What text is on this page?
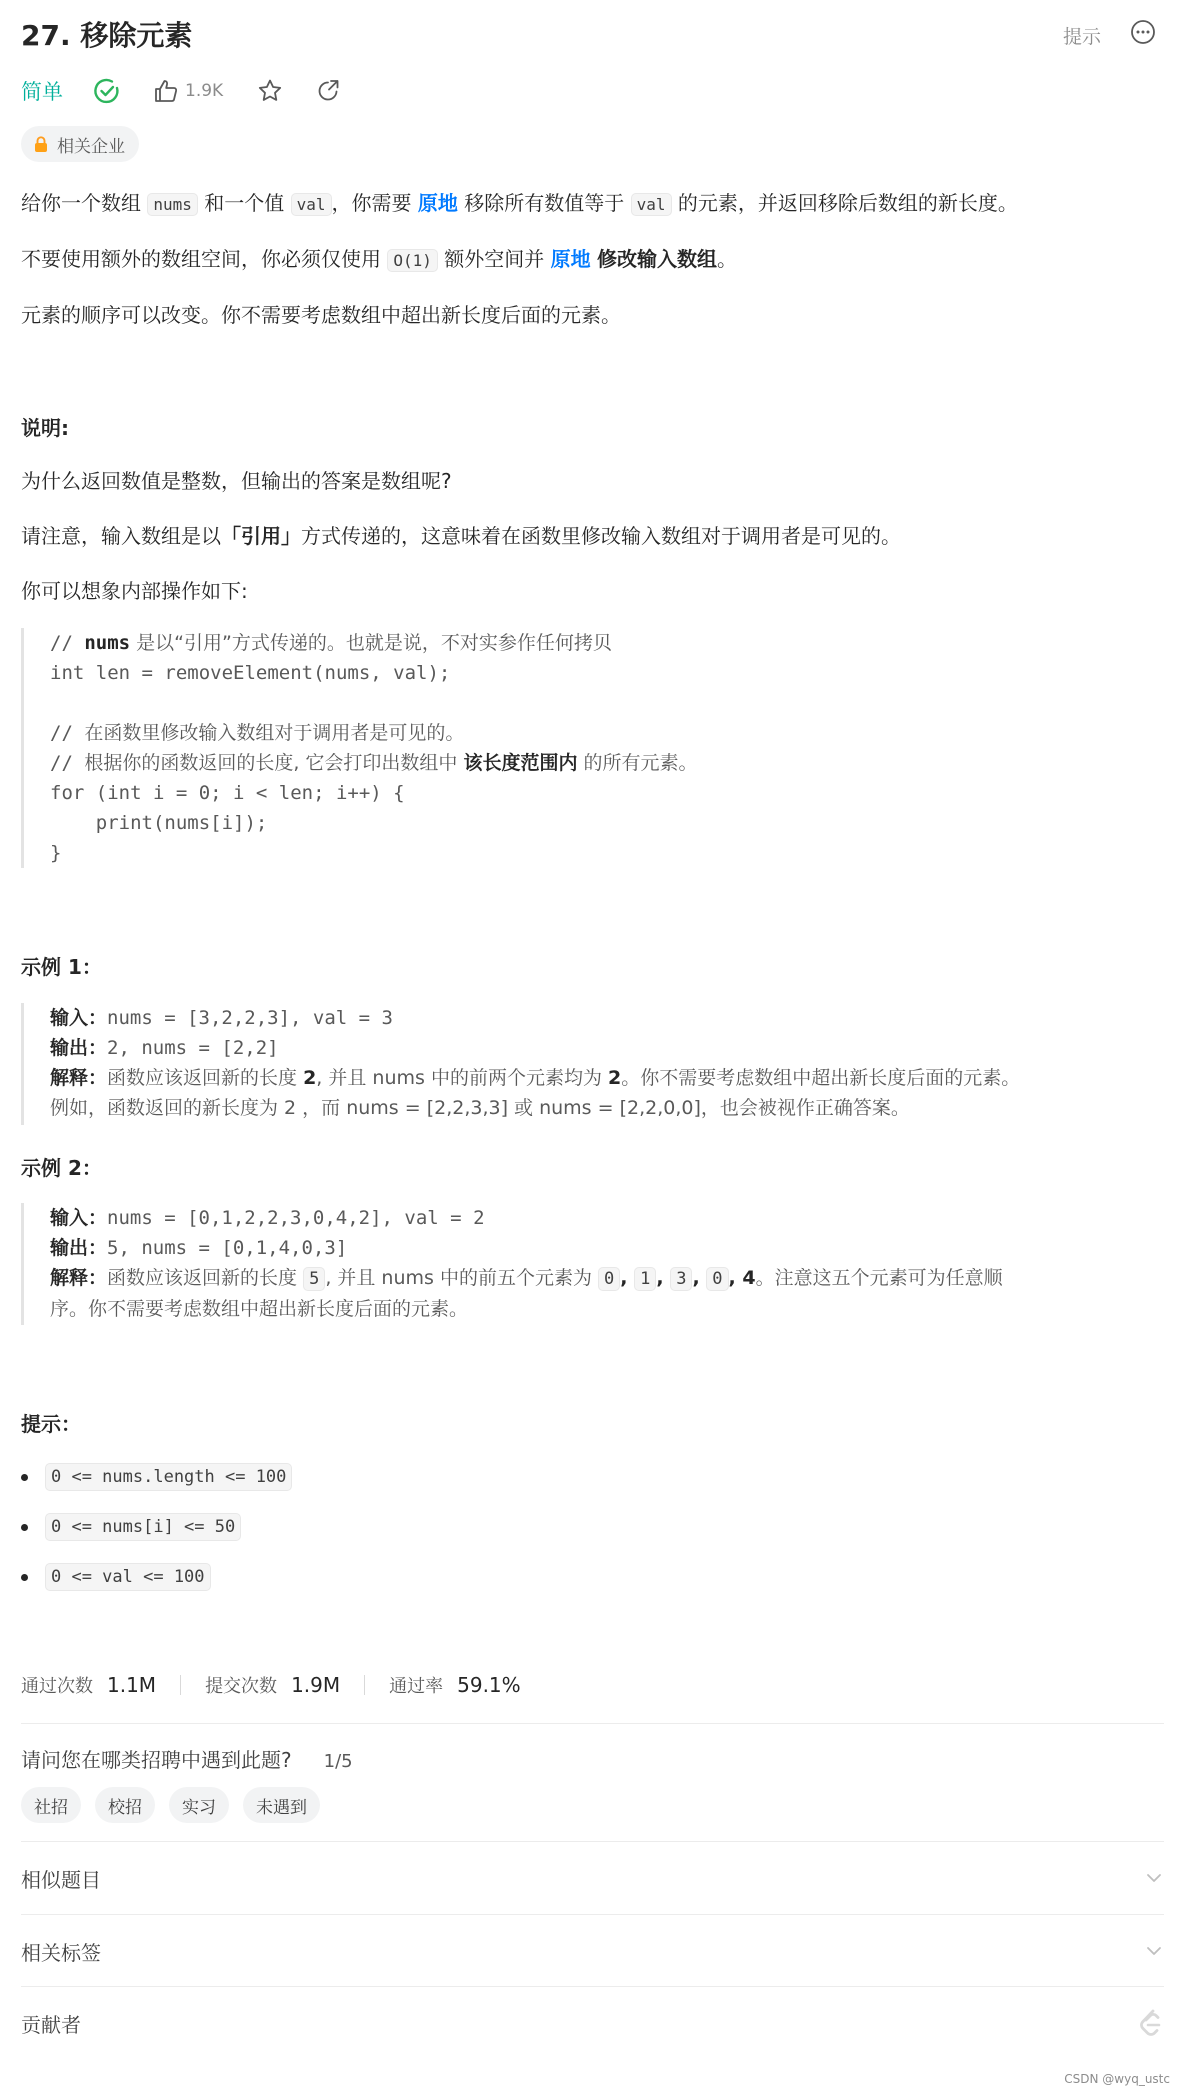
27. 移除元素	提示
简单	1.9K
相关企业
给你一个数组 nums 和一个值 val ，你需要 原地 移除所有数值等于 val 的元素，并返回移除后数组的新长度。
不要使用额外的数组空间，你必须仅使用 O(1) 额外空间并 原地 修改输入数组。
元素的顺序可以改变。你不需要考虑数组中超出新长度后面的元素。
说明:
为什么返回数值是整数，但输出的答案是数组呢?
请注意，输入数组是以「引用」方式传递的，这意味着在函数里修改输入数组对于调用者是可见的。
你可以想象内部操作如下:
// nums 是以“引用”方式传递的。也就是说，不对实参作任何拷贝
int len = removeElement(nums, val);

// 在函数里修改输入数组对于调用者是可见的。
// 根据你的函数返回的长度, 它会打印出数组中 该长度范围内 的所有元素。
for (int i = 0; i < len; i++) {
print(nums[i]);
}
示例 1：
输入：nums = [3,2,2,3], val = 3
输出：2, nums = [2,2]
解释：函数应该返回新的长度 2, 并且 nums 中的前两个元素均为 2。你不需要考虑数组中超出新长度后面的元素。
例如，函数返回的新长度为 2 ，而 nums = [2,2,3,3] 或 nums = [2,2,0,0]，也会被视作正确答案。
示例 2：
输入：nums = [0,1,2,2,3,0,4,2], val = 2
输出：5, nums = [0,1,4,0,3]
解释：函数应该返回新的长度 5 , 并且 nums 中的前五个元素为 0 , 1 , 3 , 0 , 4。注意这五个元素可为任意顺
序。你不需要考虑数组中超出新长度后面的元素。
提示：
0 <= nums.length <= 100
0 <= nums[i] <= 50
0 <= val <= 100
通过次数 1.1M	提交次数 1.9M	通过率 59.1%
请问您在哪类招聘中遇到此题? 1/5
社招	校招	实习	未遇到
相似题目
相关标签
贡献者
CSDN @wyq_ustc
